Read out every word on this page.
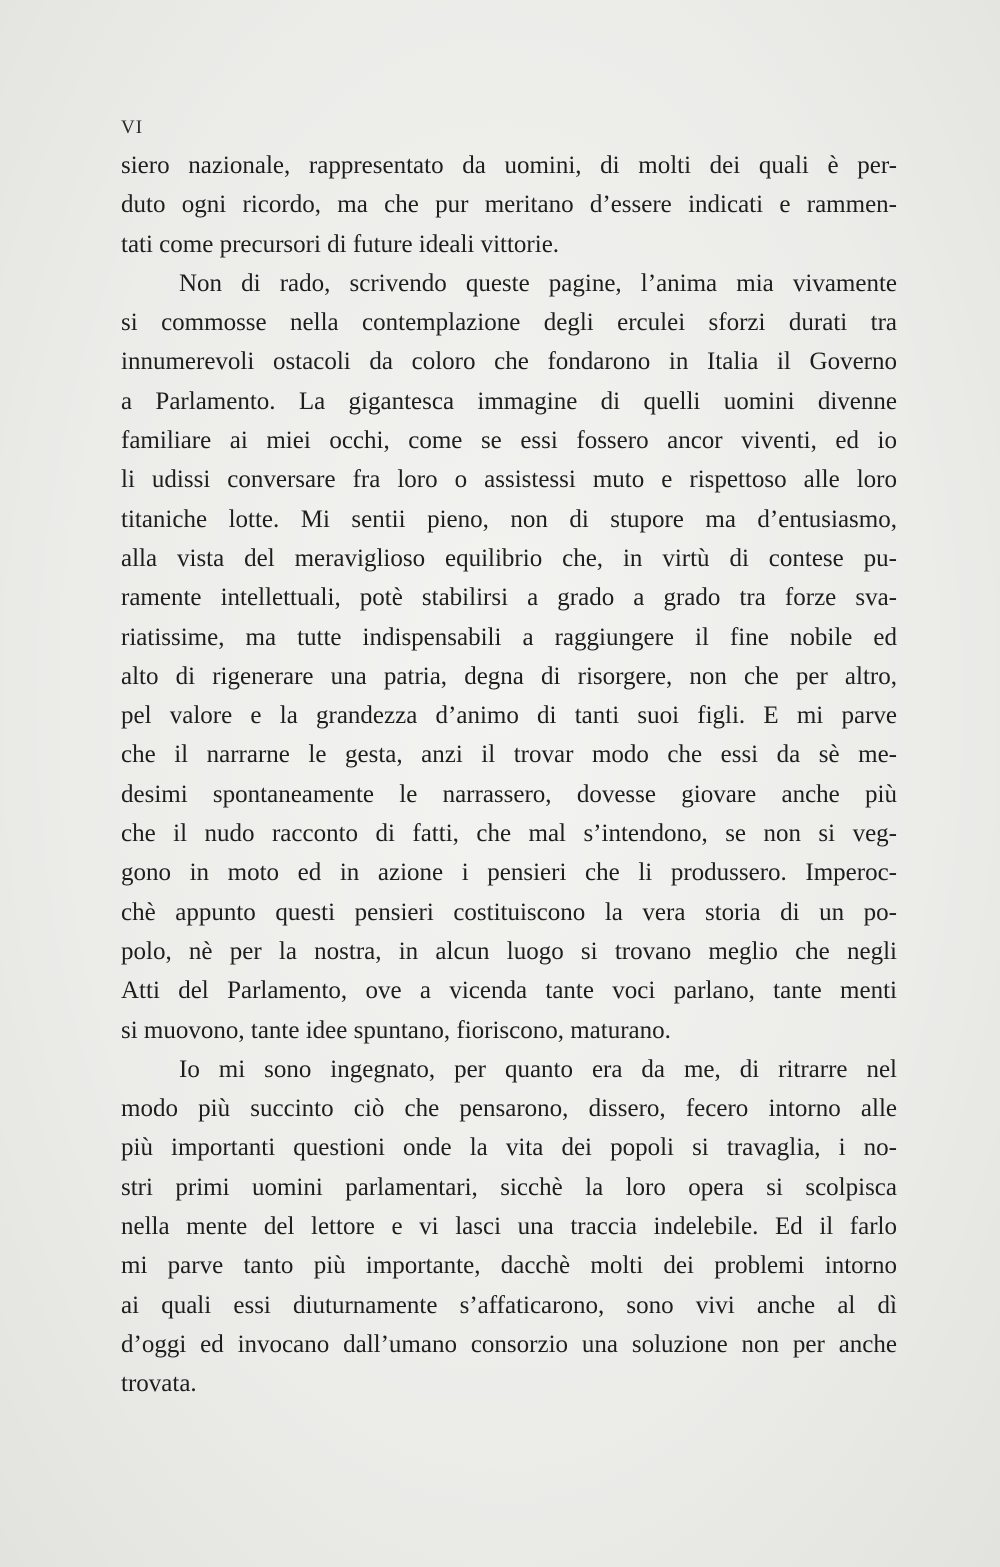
VI
siero nazionale, rappresentato da uomini, di molti dei quali è per-
duto ogni ricordo, ma che pur meritano d’essere indicati e rammen-
tati come precursori di future ideali vittorie.
Non di rado, scrivendo queste pagine, l’anima mia vivamente
si commosse nella contemplazione degli erculei sforzi durati tra
innumerevoli ostacoli da coloro che fondarono in Italia il Governo
a Parlamento. La gigantesca immagine di quelli uomini divenne
familiare ai miei occhi, come se essi fossero ancor viventi, ed io
li udissi conversare fra loro o assistessi muto e rispettoso alle loro
titaniche lotte. Mi sentii pieno, non di stupore ma d’entusiasmo,
alla vista del meraviglioso equilibrio che, in virtù di contese pu-
ramente intellettuali, potè stabilirsi a grado a grado tra forze sva-
riatissime, ma tutte indispensabili a raggiungere il fine nobile ed
alto di rigenerare una patria, degna di risorgere, non che per altro,
pel valore e la grandezza d’animo di tanti suoi figli. E mi parve
che il narrarne le gesta, anzi il trovar modo che essi da sè me-
desimi spontaneamente le narrassero, dovesse giovare anche più
che il nudo racconto di fatti, che mal s’intendono, se non si veg-
gono in moto ed in azione i pensieri che li produssero. Imperoc-
chè appunto questi pensieri costituiscono la vera storia di un po-
polo, nè per la nostra, in alcun luogo si trovano meglio che negli
Atti del Parlamento, ove a vicenda tante voci parlano, tante menti
si muovono, tante idee spuntano, fioriscono, maturano.
Io mi sono ingegnato, per quanto era da me, di ritrarre nel
modo più succinto ciò che pensarono, dissero, fecero intorno alle
più importanti questioni onde la vita dei popoli si travaglia, i no-
stri primi uomini parlamentari, sicchè la loro opera si scolpisca
nella mente del lettore e vi lasci una traccia indelebile. Ed il farlo
mi parve tanto più importante, dacchè molti dei problemi intorno
ai quali essi diuturnamente s’affaticarono, sono vivi anche al dì
d’oggi ed invocano dall’umano consorzio una soluzione non per anche
trovata.
